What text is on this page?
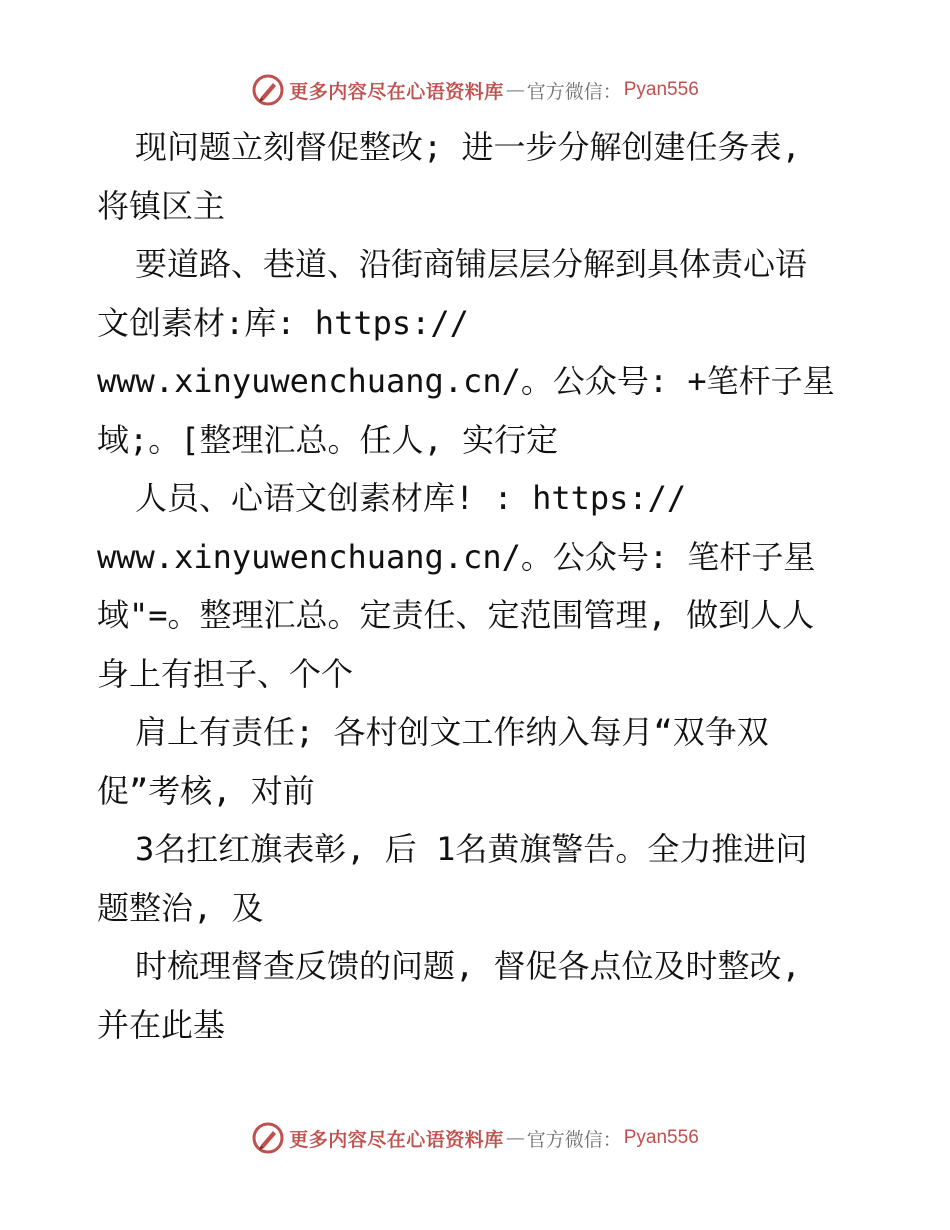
更多内容尽在心语资料库 — 官方微信： Pyan556
现问题立刻督促整改; 进一步分解创建任务表,
将镇区主
要道路、巷道、沿街商铺层层分解到具体责心语
文创素材:库: https://
www.xinyuwenchuang.cn/。公众号: +笔杆子星
域;。[整理汇总。任人, 实行定
人员、心语文创素材库! : https://
www.xinyuwenchuang.cn/。公众号: 笔杆子星
域"=。整理汇总。定责任、定范围管理, 做到人人
身上有担子、个个
肩上有责任; 各村创文工作纳入每月“双争双
促”考核, 对前
3名扛红旗表彰, 后 1名黄旗警告。全力推进问
题整治, 及
时梳理督查反馈的问题, 督促各点位及时整改,
并在此基
更多内容尽在心语资料库 — 官方微信： Pyan556
